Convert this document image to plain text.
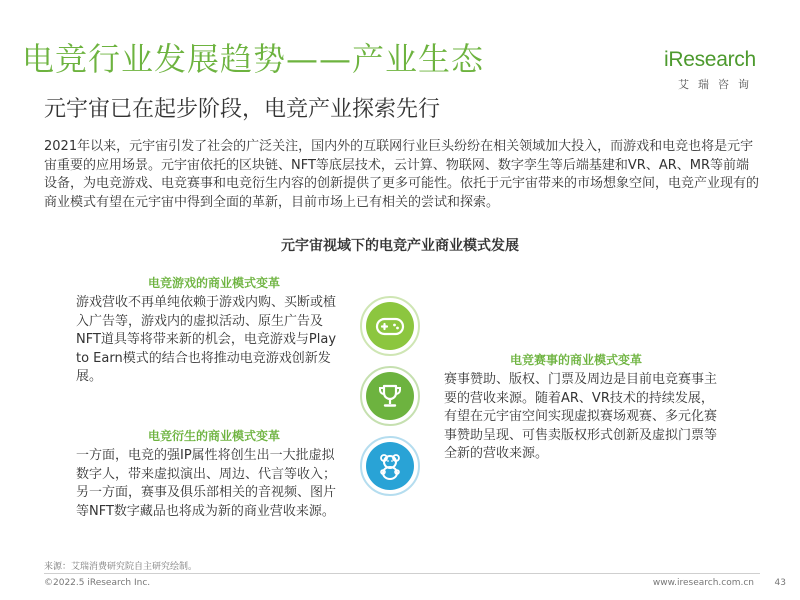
电竞行业发展趋势——产业生态
元宇宙已在起步阶段，电竞产业探索先行
iResearch
艾瑞咨询
2021年以来，元宇宙引发了社会的广泛关注，国内外的互联网行业巨头纷纷在相关领域加大投入，而游戏和电竞也将是元宇宙重要的应用场景。元宇宙依托的区块链、NFT等底层技术，云计算、物联网、数字孪生等后端基建和VR、AR、MR等前端设备，为电竞游戏、电竞赛事和电竞衍生内容的创新提供了更多可能性。依托于元宇宙带来的市场想象空间，电竞产业现有的商业模式有望在元宇宙中得到全面的革新，目前市场上已有相关的尝试和探索。
元宇宙视域下的电竞产业商业模式发展
电竞游戏的商业模式变革
游戏营收不再单纯依赖于游戏内购、买断或植入广告等，游戏内的虚拟活动、原生广告及NFT道具等将带来新的机会，电竞游戏与Play to Earn模式的结合也将推动电竞游戏创新发展。
电竞赛事的商业模式变革
赛事赞助、版权、门票及周边是目前电竞赛事主要的营收来源。随着AR、VR技术的持续发展，有望在元宇宙空间实现虚拟赛场观赛、多元化赛事赞助呈现、可售卖版权形式创新及虚拟门票等全新的营收来源。
电竞衍生的商业模式变革
一方面，电竞的强IP属性将创生出一大批虚拟数字人，带来虚拟演出、周边、代言等收入；另一方面，赛事及俱乐部相关的音视频、图片等NFT数字藏品也将成为新的商业营收来源。
来源：艾瑞消费研究院自主研究绘制。
©2022.5 iResearch Inc.	www.iresearch.com.cn 43
